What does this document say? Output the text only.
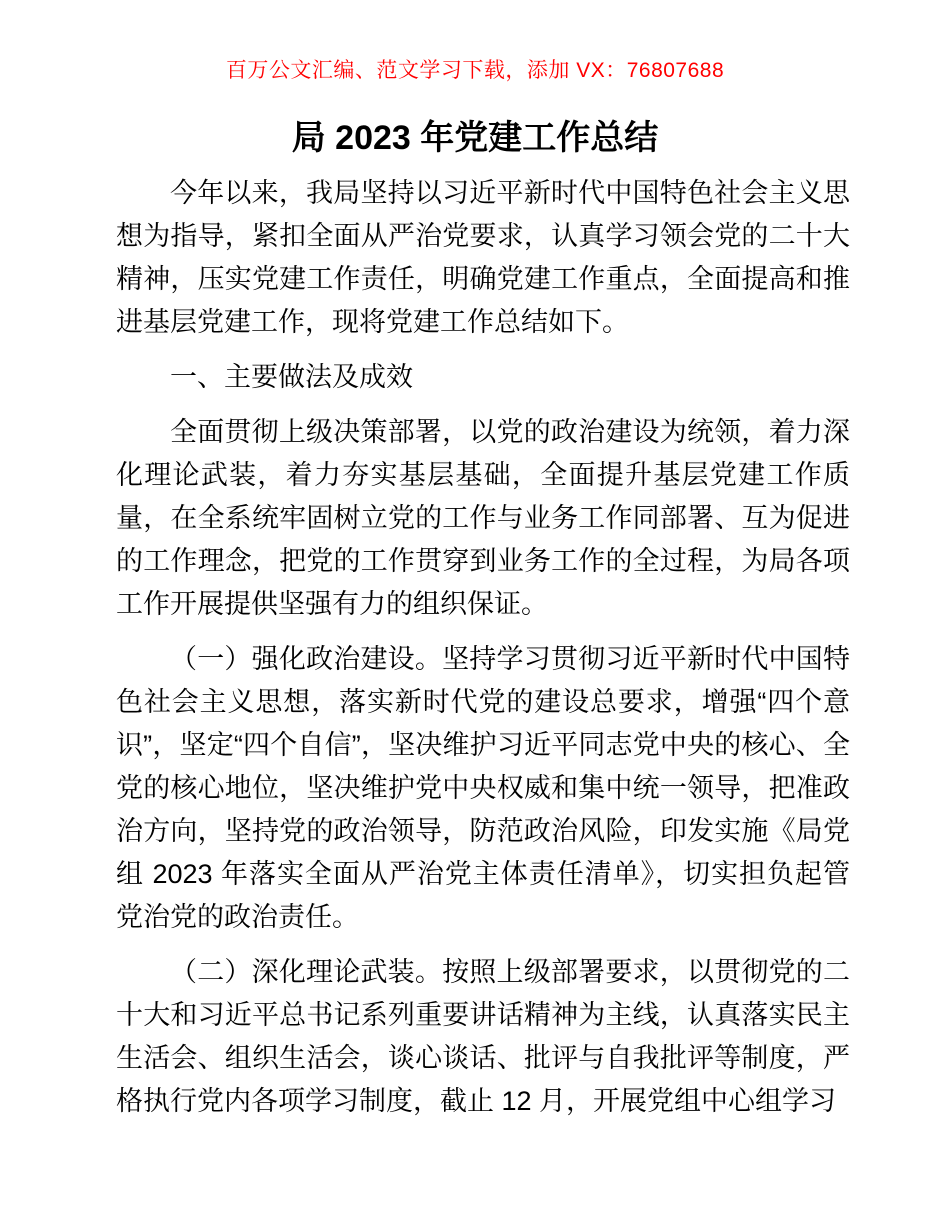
百万公文汇编、范文学习下载，添加 VX：76807688
局 2023 年党建工作总结

今年以来，我局坚持以习近平新时代中国特色社会主义思想为指导，紧扣全面从严治党要求，认真学习领会党的二十大精神，压实党建工作责任，明确党建工作重点，全面提高和推进基层党建工作，现将党建工作总结如下。

一、主要做法及成效

全面贯彻上级决策部署，以党的政治建设为统领，着力深化理论武装，着力夯实基层基础，全面提升基层党建工作质量，在全系统牢固树立党的工作与业务工作同部署、互为促进的工作理念，把党的工作贯穿到业务工作的全过程，为局各项工作开展提供坚强有力的组织保证。

（一）强化政治建设。坚持学习贯彻习近平新时代中国特色社会主义思想，落实新时代党的建设总要求，增强“四个意识”，坚定“四个自信”，坚决维护习近平同志党中央的核心、全党的核心地位，坚决维护党中央权威和集中统一领导，把准政治方向，坚持党的政治领导，防范政治风险，印发实施《局党组 2023 年落实全面从严治党主体责任清单》，切实担负起管党治党的政治责任。

（二）深化理论武装。按照上级部署要求，以贯彻党的二十大和习近平总书记系列重要讲话精神为主线，认真落实民主生活会、组织生活会，谈心谈话、批评与自我批评等制度，严格执行党内各项学习制度，截止 12 月，开展党组中心组学习
